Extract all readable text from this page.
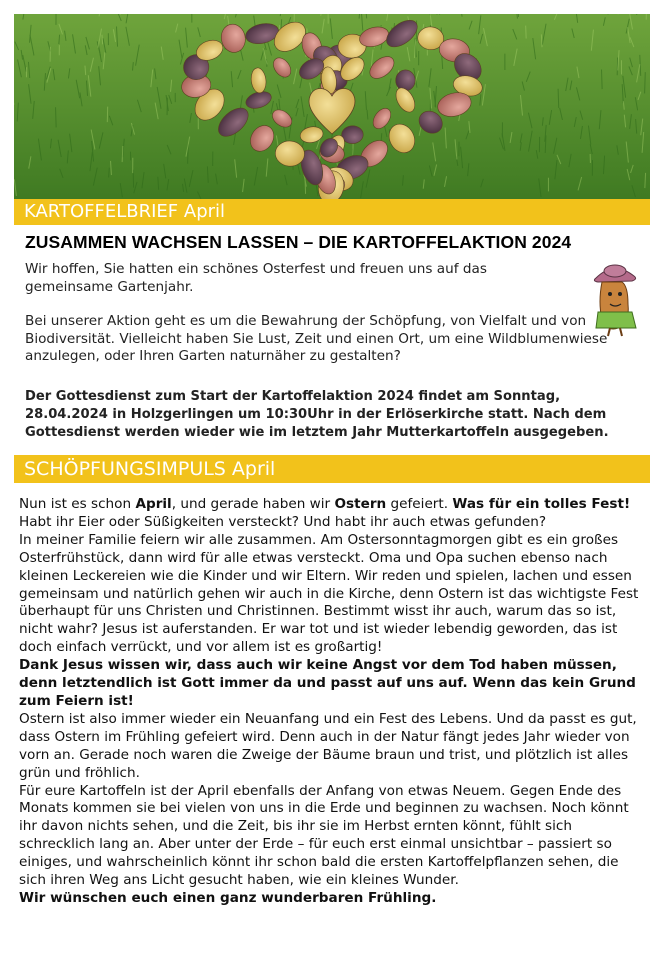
KARTOFFELBRIEF April
ZUSAMMEN WACHSEN LASSEN – DIE KARTOFFELAKTION 2024

Wir hoffen, Sie hatten ein schönes Osterfest und freuen uns auf das gemeinsame Gartenjahr.

Bei unserer Aktion geht es um die Bewahrung der Schöpfung, von Vielfalt und von Biodiversität. Vielleicht haben Sie Lust, Zeit und einen Ort, um eine Wildblumenwiese anzulegen, oder Ihren Garten naturnäher zu gestalten?

Der Gottesdienst zum Start der Kartoffelaktion 2024 findet am Sonntag, 28.04.2024 in Holzgerlingen um 10:30Uhr in der Erlöserkirche statt. Nach dem Gottesdienst werden wieder wie im letztem Jahr Mutterkartoffeln ausgegeben.
SCHÖPFUNGSIMPULS April

Nun ist es schon April, und gerade haben wir Ostern gefeiert. Was für ein tolles Fest!
Habt ihr Eier oder Süßigkeiten versteckt? Und habt ihr auch etwas gefunden?

In meiner Familie feiern wir alle zusammen. Am Ostersonntagmorgen gibt es ein großes Osterfrühstück, dann wird für alle etwas versteckt. Oma und Opa suchen ebenso nach kleinen Leckereien wie die Kinder und wir Eltern. Wir reden und spielen, lachen und essen gemeinsam und natürlich gehen wir auch in die Kirche, denn Ostern ist das wichtigste Fest überhaupt für uns Christen und Christinnen. Bestimmt wisst ihr auch, warum das so ist, nicht wahr? Jesus ist auferstanden. Er war tot und ist wieder lebendig geworden, das ist doch einfach verrückt, und vor allem ist es großartig!

Dank Jesus wissen wir, dass auch wir keine Angst vor dem Tod haben müssen, denn letztendlich ist Gott immer da und passt auf uns auf. Wenn das kein Grund zum Feiern ist!

Ostern ist also immer wieder ein Neuanfang und ein Fest des Lebens. Und da passt es gut, dass Ostern im Frühling gefeiert wird. Denn auch in der Natur fängt jedes Jahr wieder von vorn an. Gerade noch waren die Zweige der Bäume braun und trist, und plötzlich ist alles grün und fröhlich.

Für eure Kartoffeln ist der April ebenfalls der Anfang von etwas Neuem. Gegen Ende des Monats kommen sie bei vielen von uns in die Erde und beginnen zu wachsen. Noch könnt ihr davon nichts sehen, und die Zeit, bis ihr sie im Herbst ernten könnt, fühlt sich schrecklich lang an. Aber unter der Erde – für euch erst einmal unsichtbar – passiert so einiges, und wahrscheinlich könnt ihr schon bald die ersten Kartoffelpflanzen sehen, die sich ihren Weg ans Licht gesucht haben, wie ein kleines Wunder.

Wir wünschen euch einen ganz wunderbaren Frühling.
